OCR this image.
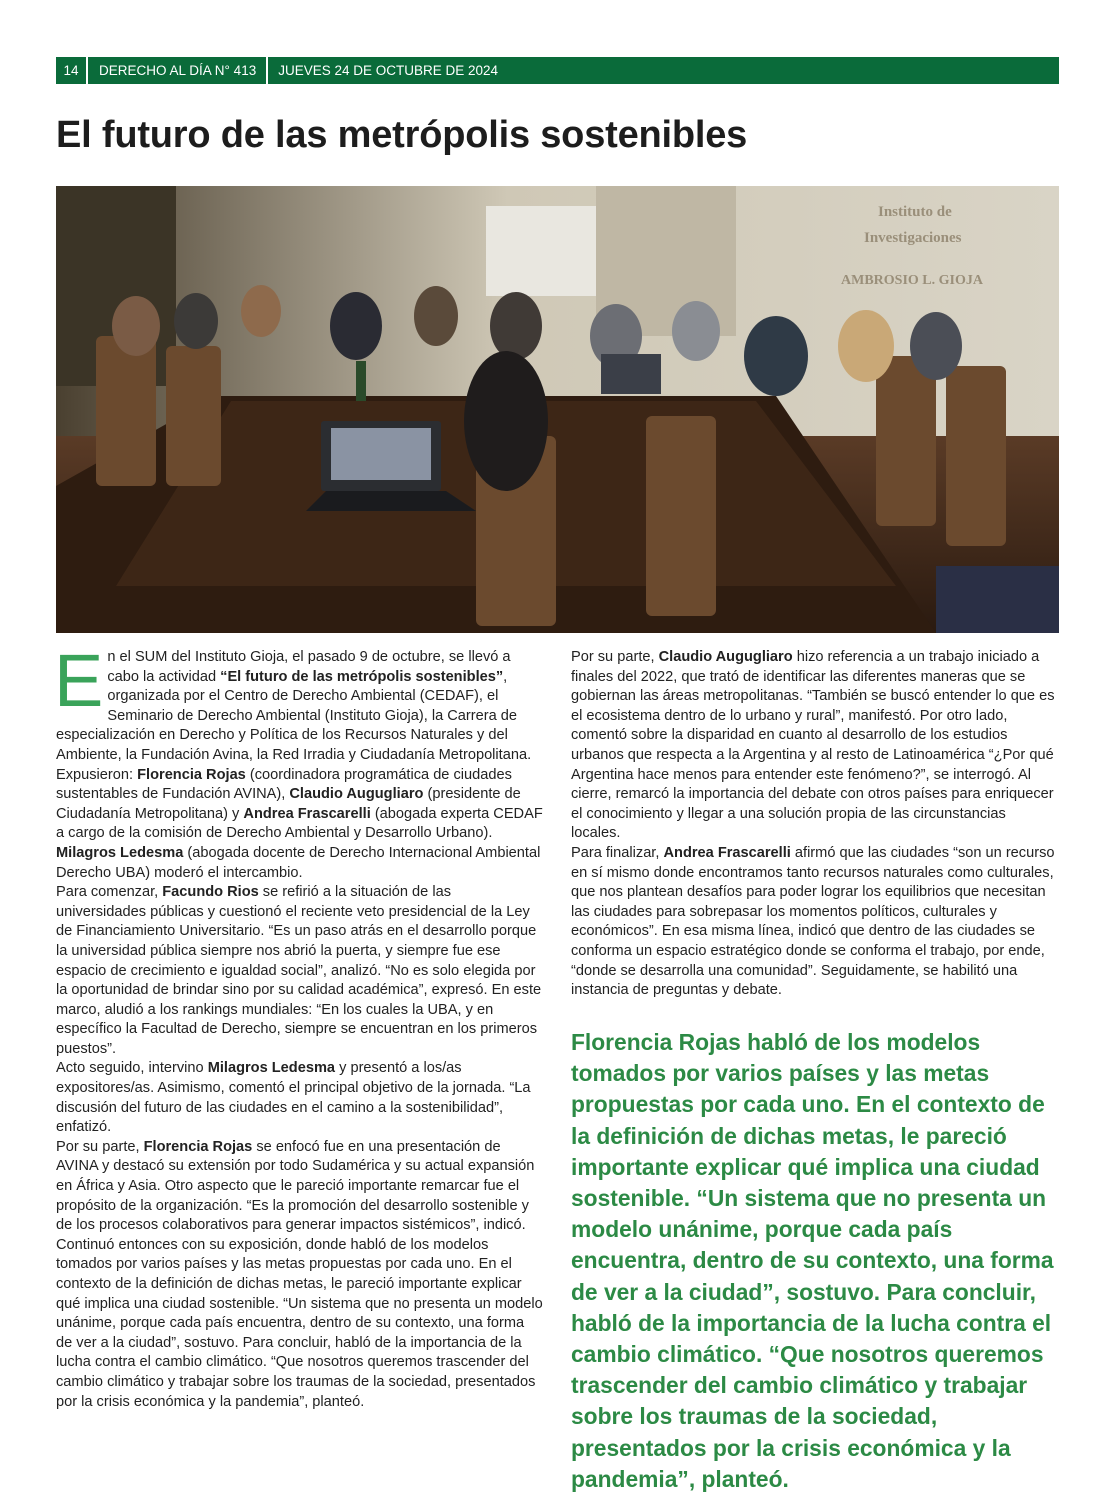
14	DERECHO AL DÍA N° 413	JUEVES 24 DE OCTUBRE DE 2024
El futuro de las metrópolis sostenibles
Instituto de
Investigaciones
AMBROSIO L. GIOJA

En el SUM del Instituto Gioja, el pasado 9 de octubre, se llevó a cabo la actividad “El futuro de las metrópolis sostenibles”, organizada por el Centro de Derecho Ambiental (CEDAF), el Seminario de Derecho Ambiental (Instituto Gioja), la Carrera de especialización en Derecho y Política de los Recursos Naturales y del Ambiente, la Fundación Avina, la Red Irradia y Ciudadanía Metropolitana. Expusieron: Florencia Rojas (coordinadora programática de ciudades sustentables de Fundación AVINA), Claudio Augugliaro (presidente de Ciudadanía Metropolitana) y Andrea Frascarelli (abogada experta CEDAF a cargo de la comisión de Derecho Ambiental y Desarrollo Urbano). Milagros Ledesma (abogada docente de Derecho Internacional Ambiental Derecho UBA) moderó el intercambio.

Para comenzar, Facundo Rios se refirió a la situación de las universidades públicas y cuestionó el reciente veto presidencial de la Ley de Financiamiento Universitario. “Es un paso atrás en el desarrollo porque la universidad pública siempre nos abrió la puerta, y siempre fue ese espacio de crecimiento e igualdad social”, analizó. “No es solo elegida por la oportunidad de brindar sino por su calidad académica”, expresó. En este marco, aludió a los rankings mundiales: “En los cuales la UBA, y en específico la Facultad de Derecho, siempre se encuentran en los primeros puestos”.

Acto seguido, intervino Milagros Ledesma y presentó a los/as expositores/as. Asimismo, comentó el principal objetivo de la jornada. “La discusión del futuro de las ciudades en el camino a la sostenibilidad”, enfatizó.

Por su parte, Florencia Rojas se enfocó fue en una presentación de AVINA y destacó su extensión por todo Sudamérica y su actual expansión en África y Asia. Otro aspecto que le pareció importante remarcar fue el propósito de la organización. “Es la promoción del desarrollo sostenible y de los procesos colaborativos para generar impactos sistémicos”, indicó.

Continuó entonces con su exposición, donde habló de los modelos tomados por varios países y las metas propuestas por cada uno. En el contexto de la definición de dichas metas, le pareció importante explicar qué implica una ciudad sostenible. “Un sistema que no presenta un modelo unánime, porque cada país encuentra, dentro de su contexto, una forma de ver a la ciudad”, sostuvo. Para concluir, habló de la importancia de la lucha contra el cambio climático. “Que nosotros queremos trascender del cambio climático y trabajar sobre los traumas de la sociedad, presentados por la crisis económica y la pandemia”, planteó.

Por su parte, Claudio Augugliaro hizo referencia a un trabajo iniciado a finales del 2022, que trató de identificar las diferentes maneras que se gobiernan las áreas metropolitanas. “También se buscó entender lo que es el ecosistema dentro de lo urbano y rural”, manifestó. Por otro lado, comentó sobre la disparidad en cuanto al desarrollo de los estudios urbanos que respecta a la Argentina y al resto de Latinoamérica “¿Por qué Argentina hace menos para entender este fenómeno?”, se interrogó. Al cierre, remarcó la importancia del debate con otros países para enriquecer el conocimiento y llegar a una solución propia de las circunstancias locales.

Para finalizar, Andrea Frascarelli afirmó que las ciudades “son un recurso en sí mismo donde encontramos tanto recursos naturales como culturales, que nos plantean desafíos para poder lograr los equilibrios que necesitan las ciudades para sobrepasar los momentos políticos, culturales y económicos”. En esa misma línea, indicó que dentro de las ciudades se conforma un espacio estratégico donde se conforma el trabajo, por ende, “donde se desarrolla una comunidad”. Seguidamente, se habilitó una instancia de preguntas y debate.

Florencia Rojas habló de los modelos tomados por varios países y las metas propuestas por cada uno. En el contexto de la definición de dichas metas, le pareció importante explicar qué implica una ciudad sostenible. “Un sistema que no presenta un modelo unánime, porque cada país encuentra, dentro de su contexto, una forma de ver a la ciudad”, sostuvo. Para concluir, habló de la importancia de la lucha contra el cambio climático. “Que nosotros queremos trascender del cambio climático y trabajar sobre los traumas de la sociedad, presentados por la crisis económica y la pandemia”, planteó.
